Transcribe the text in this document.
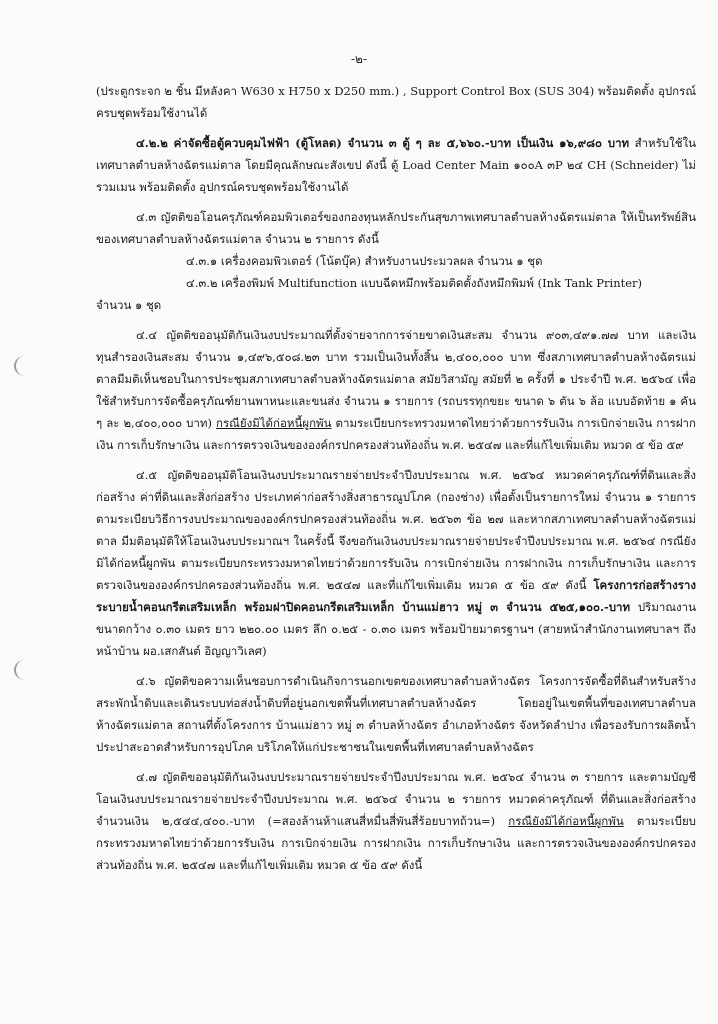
-๒-

(ประตูกระจก ๒ ชิ้น มีหลังคา W630 x H750 x D250 mm.) , Support Control Box (SUS 304) พร้อมติดตั้ง อุปกรณ์ครบชุดพร้อมใช้งานได้

๔.๒.๒ ค่าจัดซื้อตู้ควบคุมไฟฟ้า (ตู้โหลด) จำนวน ๓ ตู้ ๆ ละ ๕,๖๖๐.-บาท เป็นเงิน ๑๖,๙๘๐ บาท สำหรับใช้ในเทศบาลตำบลห้างฉัตรแม่ตาล โดยมีคุณลักษณะสังเขป ดังนี้ ตู้ Load Center Main ๑๐๐A ๓P ๒๔ CH (Schneider) ไม่รวมเมน พร้อมติดตั้ง อุปกรณ์ครบชุดพร้อมใช้งานได้

๔.๓ ญัตติขอโอนครุภัณฑ์คอมพิวเตอร์ของกองทุนหลักประกันสุขภาพเทศบาลตำบลห้างฉัตรแม่ตาล ให้เป็นทรัพย์สินของเทศบาลตำบลห้างฉัตรแม่ตาล จำนวน ๒ รายการ ดังนี้

๔.๓.๑ เครื่องคอมพิวเตอร์ (โน้ตบุ๊ค) สำหรับงานประมวลผล จำนวน ๑ ชุด

๔.๓.๒ เครื่องพิมพ์ Multifunction แบบฉีดหมึกพร้อมติดตั้งถังหมึกพิมพ์ (Ink Tank Printer)

จำนวน ๑ ชุด

๔.๔ ญัตติขออนุมัติกันเงินงบประมาณที่ตั้งจ่ายจากการจ่ายขาดเงินสะสม จำนวน ๙๐๓,๔๙๑.๗๗ บาท และเงินทุนสำรองเงินสะสม จำนวน ๑,๔๙๖,๕๐๘.๒๓ บาท รวมเป็นเงินทั้งสิ้น ๒,๔๐๐,๐๐๐ บาท ซึ่งสภาเทศบาลตำบลห้างฉัตรแม่ตาลมีมติเห็นชอบในการประชุมสภาเทศบาลตำบลห้างฉัตรแม่ตาล สมัยวิสามัญ สมัยที่ ๒ ครั้งที่ ๑ ประจำปี พ.ศ. ๒๕๖๔ เพื่อใช้สำหรับการจัดซื้อครุภัณฑ์ยานพาหนะและขนส่ง จำนวน ๑ รายการ (รถบรรทุกขยะ ขนาด ๖ ตัน ๖ ล้อ แบบอัดท้าย ๑ คัน ๆ ละ ๒,๔๐๐,๐๐๐ บาท) กรณียังมิได้ก่อหนี้ผูกพัน ตามระเบียบกระทรวงมหาดไทยว่าด้วยการรับเงิน การเบิกจ่ายเงิน การฝากเงิน การเก็บรักษาเงิน และการตรวจเงินขององค์กรปกครองส่วนท้องถิ่น พ.ศ. ๒๕๔๗ และที่แก้ไขเพิ่มเติม หมวด ๕ ข้อ ๕๙

๔.๕ ญัตติขออนุมัติโอนเงินงบประมาณรายจ่ายประจำปีงบประมาณ พ.ศ. ๒๕๖๔ หมวดค่าครุภัณฑ์ที่ดินและสิ่งก่อสร้าง ค่าที่ดินและสิ่งก่อสร้าง ประเภทค่าก่อสร้างสิ่งสาธารณูปโภค (กองช่าง) เพื่อตั้งเป็นรายการใหม่ จำนวน ๑ รายการ ตามระเบียบวิธีการงบประมาณขององค์กรปกครองส่วนท้องถิ่น พ.ศ. ๒๕๖๓ ข้อ ๒๗ และหากสภาเทศบาลตำบลห้างฉัตรแม่ตาล มีมติอนุมัติให้โอนเงินงบประมาณฯ ในครั้งนี้ จึงขอกันเงินงบประมาณรายจ่ายประจำปีงบประมาณ พ.ศ. ๒๕๖๔ กรณียังมิได้ก่อหนี้ผูกพัน ตามระเบียบกระทรวงมหาดไทยว่าด้วยการรับเงิน การเบิกจ่ายเงิน การฝากเงิน การเก็บรักษาเงิน และการตรวจเงินขององค์กรปกครองส่วนท้องถิ่น พ.ศ. ๒๕๔๗ และที่แก้ไขเพิ่มเติม หมวด ๕ ข้อ ๕๙ ดังนี้ โครงการก่อสร้างรางระบายน้ำคอนกรีตเสริมเหล็ก พร้อมฝาปิดคอนกรีตเสริมเหล็ก บ้านแม่ฮาว หมู่ ๓ จำนวน ๕๒๕,๑๐๐.-บาท ปริมาณงาน ขนาดกว้าง ๐.๓๐ เมตร ยาว ๒๒๐.๐๐ เมตร ลึก ๐.๒๕ - ๐.๓๐ เมตร พร้อมป้ายมาตรฐานฯ (สายหน้าสำนักงานเทศบาลฯ ถึงหน้าบ้าน ผอ.เสกสันต์ อิญญาวิเลศ)

๔.๖ ญัตติขอความเห็นชอบการดำเนินกิจการนอกเขตของเทศบาลตำบลห้างฉัตร โครงการจัดซื้อที่ดินสำหรับสร้างสระพักน้ำดิบและเดินระบบท่อส่งน้ำดิบที่อยู่นอกเขตพื้นที่เทศบาลตำบลห้างฉัตร โดยอยู่ในเขตพื้นที่ของเทศบาลตำบลห้างฉัตรแม่ตาล สถานที่ตั้งโครงการ บ้านแม่ฮาว หมู่ ๓ ตำบลห้างฉัตร อำเภอห้างฉัตร จังหวัดลำปาง เพื่อรองรับการผลิตน้ำประปาสะอาดสำหรับการอุปโภค บริโภคให้แก่ประชาชนในเขตพื้นที่เทศบาลตำบลห้างฉัตร

๔.๗ ญัตติขออนุมัติกันเงินงบประมาณรายจ่ายประจำปีงบประมาณ พ.ศ. ๒๕๖๔ จำนวน ๓ รายการ และตามบัญชีโอนเงินงบประมาณรายจ่ายประจำปีงบประมาณ พ.ศ. ๒๕๖๔ จำนวน ๒ รายการ หมวดค่าครุภัณฑ์ ที่ดินและสิ่งก่อสร้าง จำนวนเงิน ๒,๕๔๔,๔๐๐.-บาท (=สองล้านห้าแสนสี่หมื่นสี่พันสี่ร้อยบาทถ้วน=) กรณียังมิได้ก่อหนี้ผูกพัน ตามระเบียบกระทรวงมหาดไทยว่าด้วยการรับเงิน การเบิกจ่ายเงิน การฝากเงิน การเก็บรักษาเงิน และการตรวจเงินขององค์กรปกครองส่วนท้องถิ่น พ.ศ. ๒๕๔๗ และที่แก้ไขเพิ่มเติม หมวด ๕ ข้อ ๕๙ ดังนี้
